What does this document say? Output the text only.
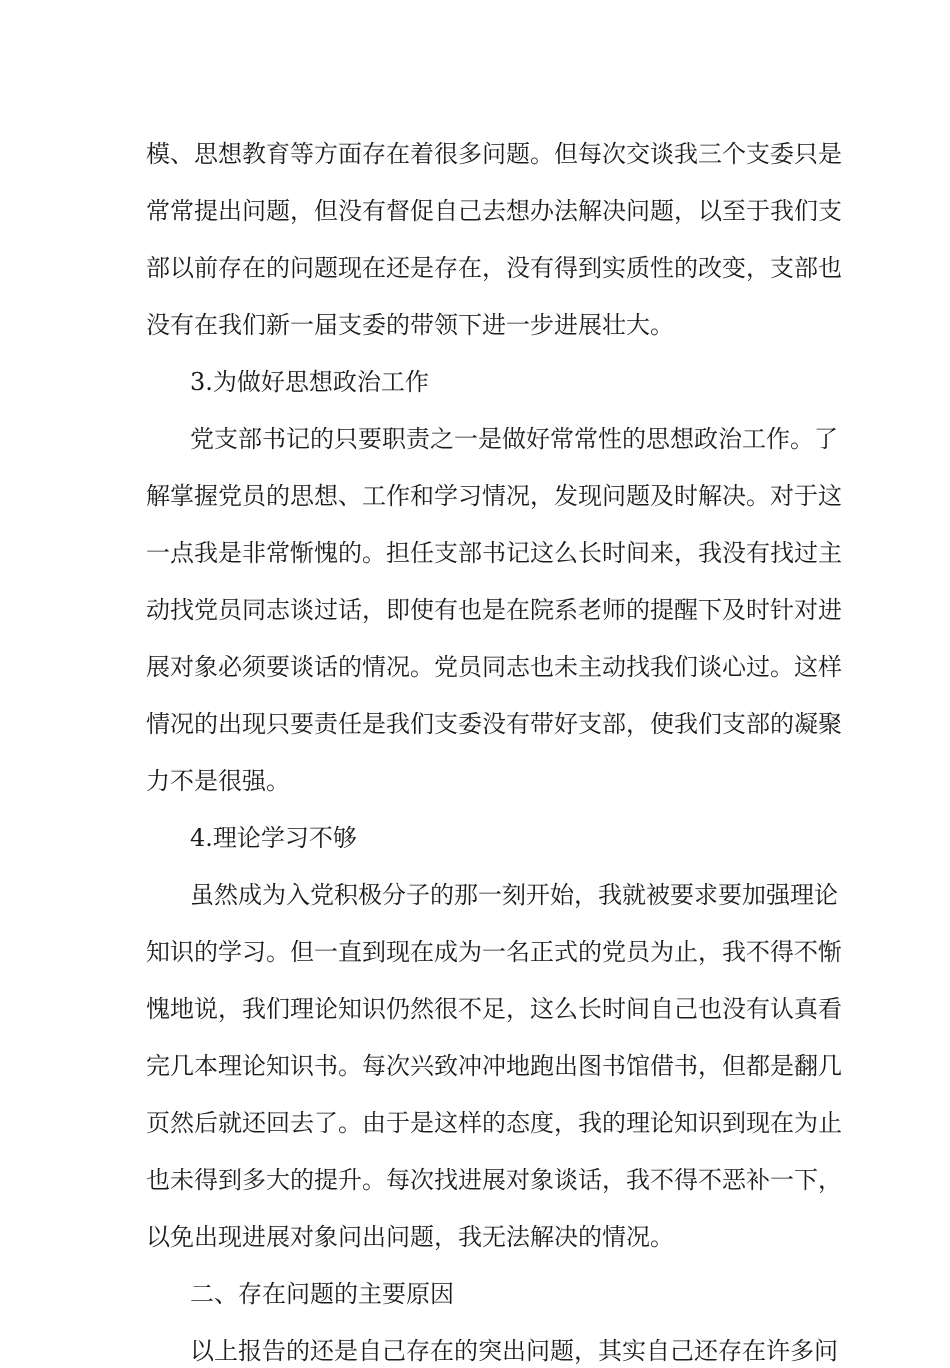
模、思想教育等方面存在着很多问题。但每次交谈我三个支委只是
常常提出问题，但没有督促自己去想办法解决问题，以至于我们支
部以前存在的问题现在还是存在，没有得到实质性的改变，支部也
没有在我们新一届支委的带领下进一步进展壮大。
3.为做好思想政治工作
党支部书记的只要职责之一是做好常常性的思想政治工作。了
解掌握党员的思想、工作和学习情况，发现问题及时解决。对于这
一点我是非常惭愧的。担任支部书记这么长时间来，我没有找过主
动找党员同志谈过话，即使有也是在院系老师的提醒下及时针对进
展对象必须要谈话的情况。党员同志也未主动找我们谈心过。这样
情况的出现只要责任是我们支委没有带好支部，使我们支部的凝聚
力不是很强。
4.理论学习不够
虽然成为入党积极分子的那一刻开始，我就被要求要加强理论
知识的学习。但一直到现在成为一名正式的党员为止，我不得不惭
愧地说，我们理论知识仍然很不足，这么长时间自己也没有认真看
完几本理论知识书。每次兴致冲冲地跑出图书馆借书，但都是翻几
页然后就还回去了。由于是这样的态度，我的理论知识到现在为止
也未得到多大的提升。每次找进展对象谈话，我不得不恶补一下，
以免出现进展对象问出问题，我无法解决的情况。
二、存在问题的主要原因
以上报告的还是自己存在的突出问题，其实自己还存在许多问
